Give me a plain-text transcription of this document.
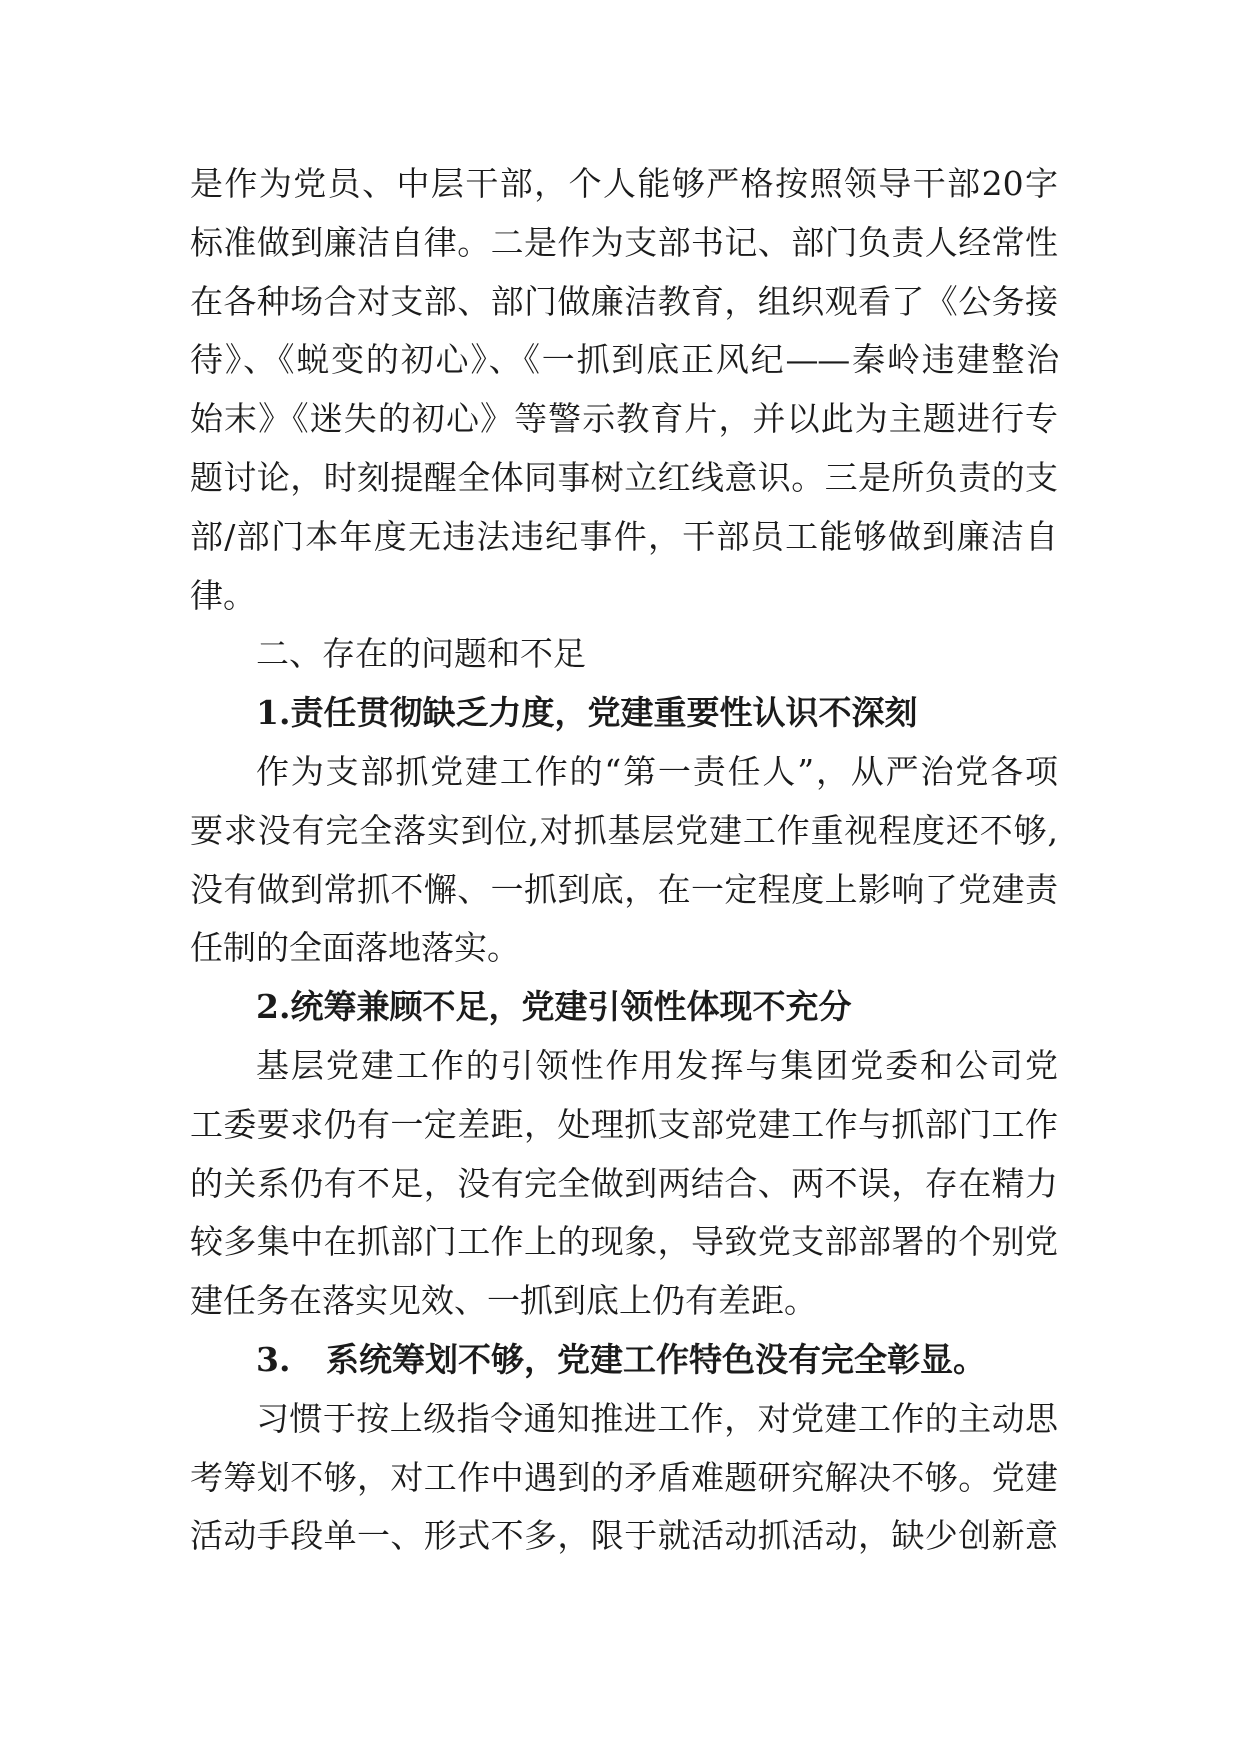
是作为党员、中层干部，个人能够严格按照领导干部20字
标准做到廉洁自律。二是作为支部书记、部门负责人经常性
在各种场合对支部、部门做廉洁教育，组织观看了《公务接
待》、《蜕变的初心》、《一抓到底正风纪——秦岭违建整治
始末》《迷失的初心》等警示教育片，并以此为主题进行专
题讨论，时刻提醒全体同事树立红线意识。三是所负责的支
部/部门本年度无违法违纪事件，干部员工能够做到廉洁自
律。
二、存在的问题和不足
1.责任贯彻缺乏力度，党建重要性认识不深刻
作为支部抓党建工作的“第一责任人”，从严治党各项
要求没有完全落实到位,对抓基层党建工作重视程度还不够,
没有做到常抓不懈、一抓到底，在一定程度上影响了党建责
任制的全面落地落实。
2.统筹兼顾不足，党建引领性体现不充分
基层党建工作的引领性作用发挥与集团党委和公司党
工委要求仍有一定差距，处理抓支部党建工作与抓部门工作
的关系仍有不足，没有完全做到两结合、两不误，存在精力
较多集中在抓部门工作上的现象，导致党支部部署的个别党
建任务在落实见效、一抓到底上仍有差距。
3. 系统筹划不够，党建工作特色没有完全彰显。
习惯于按上级指令通知推进工作，对党建工作的主动思
考筹划不够，对工作中遇到的矛盾难题研究解决不够。党建
活动手段单一、形式不多，限于就活动抓活动，缺少创新意
